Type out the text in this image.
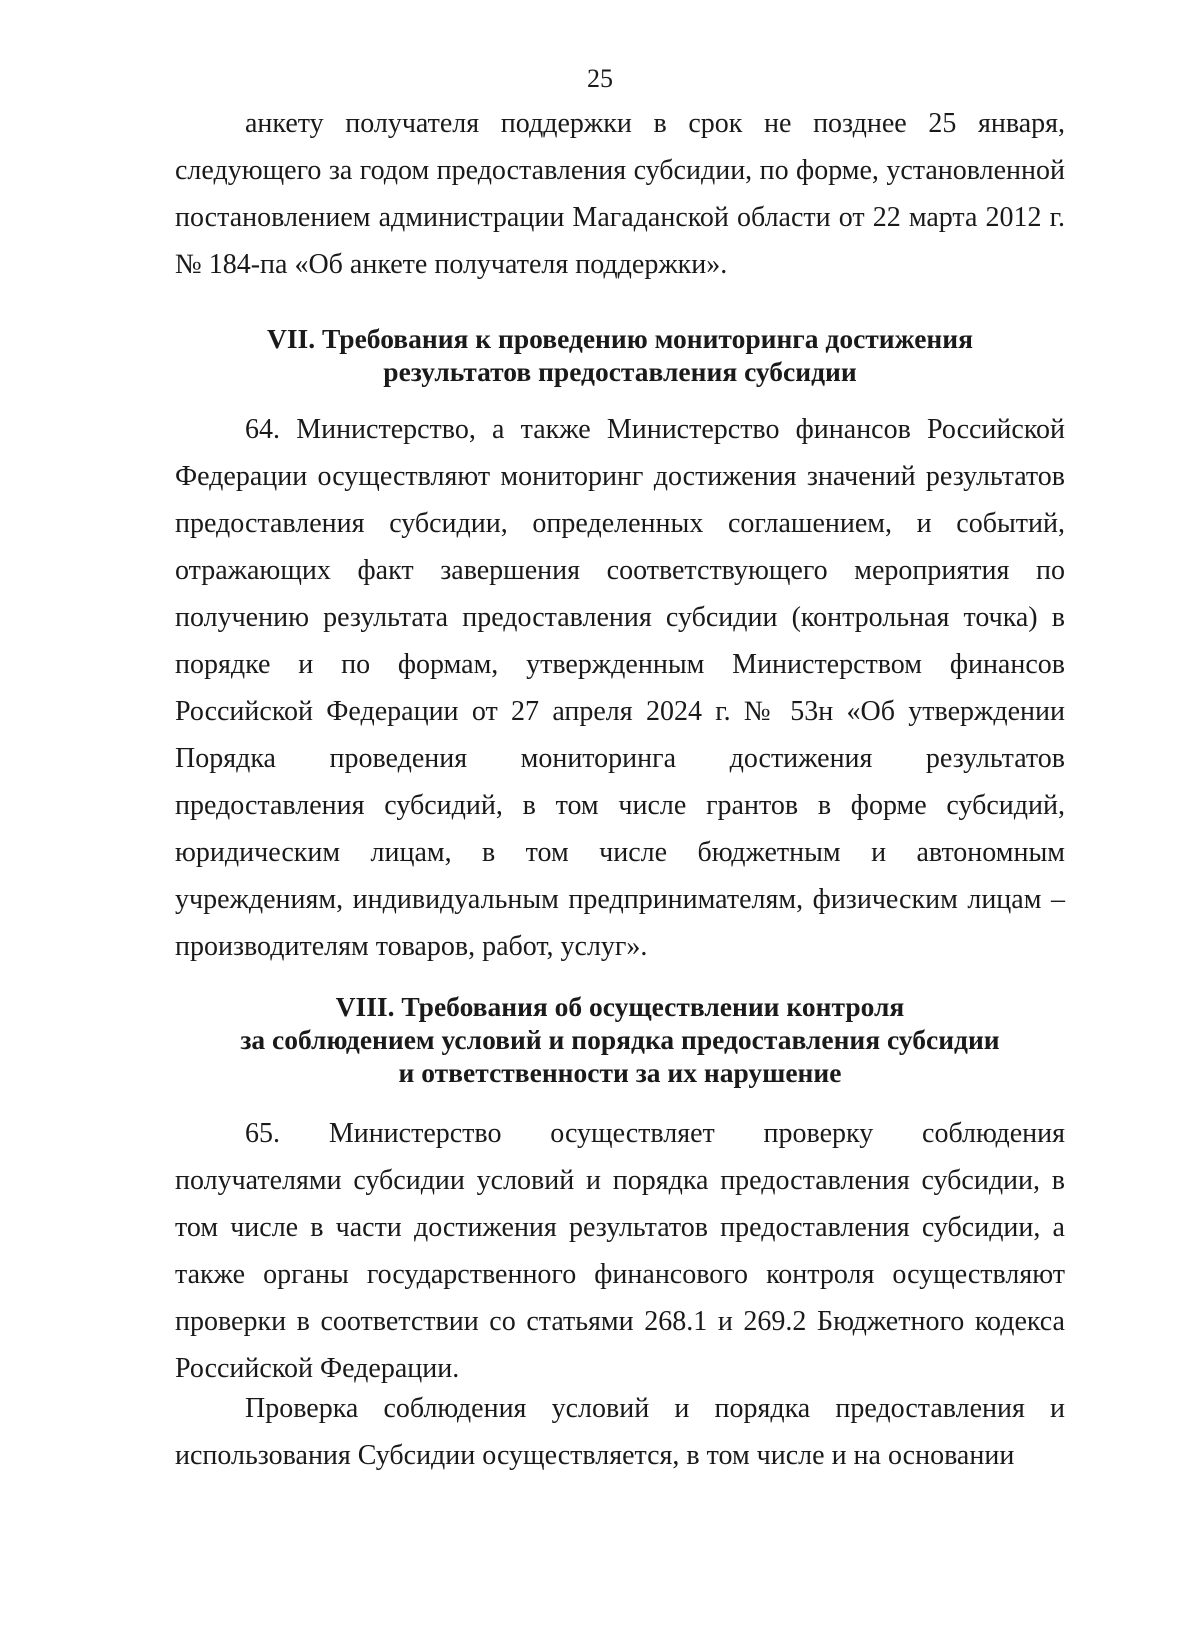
25

анкету получателя поддержки в срок не позднее 25 января, следующего за годом предоставления субсидии, по форме, установленной постановлением администрации Магаданской области от 22 марта 2012 г. № 184-па «Об анкете получателя поддержки».

VII. Требования к проведению мониторинга достижения
результатов предоставления субсидии

64. Министерство, а также Министерство финансов Российской Федерации осуществляют мониторинг достижения значений результатов предоставления субсидии, определенных соглашением, и событий, отражающих факт завершения соответствующего мероприятия по получению результата предоставления субсидии (контрольная точка) в порядке и по формам, утвержденным Министерством финансов Российской Федерации от 27 апреля 2024 г. № 53н «Об утверждении Порядка проведения мониторинга достижения результатов предоставления субсидий, в том числе грантов в форме субсидий, юридическим лицам, в том числе бюджетным и автономным учреждениям, индивидуальным предпринимателям, физическим лицам – производителям товаров, работ, услуг».

VIII. Требования об осуществлении контроля
за соблюдением условий и порядка предоставления субсидии
и ответственности за их нарушение

65. Министерство осуществляет проверку соблюдения получателями субсидии условий и порядка предоставления субсидии, в том числе в части достижения результатов предоставления субсидии, а также органы государственного финансового контроля осуществляют проверки в соответствии со статьями 268.1 и 269.2 Бюджетного кодекса Российской Федерации.

Проверка соблюдения условий и порядка предоставления и использования Субсидии осуществляется, в том числе и на основании
